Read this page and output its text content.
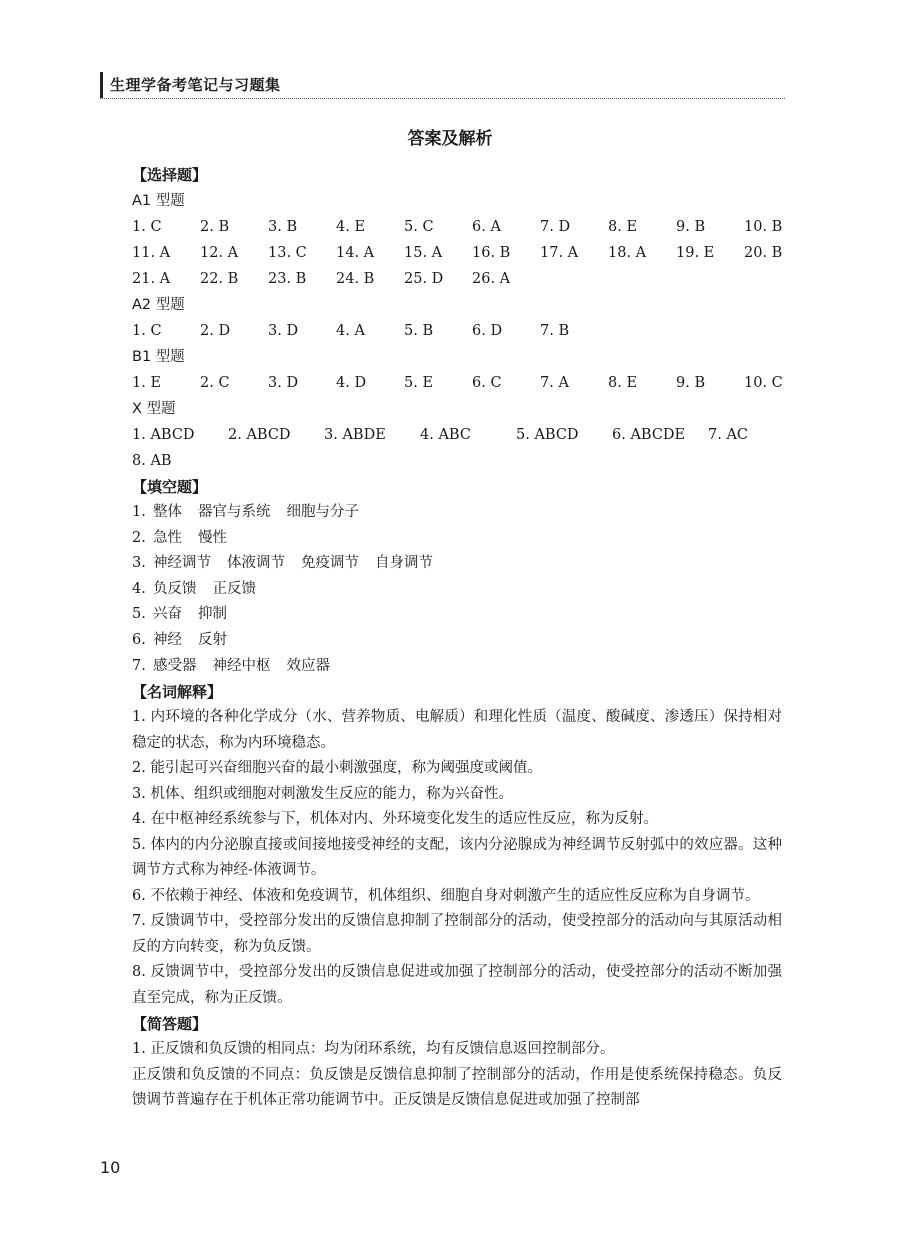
生理学备考笔记与习题集
答案及解析
【选择题】
A1 型题
1. C	2. B	3. B	4. E	5. C	6. A	7. D	8. E	9. B	10. B
11. A 12. A 13. C 14. A 15. A 16. B 17. A 18. A 19. E 20. B
21. A 22. B 23. B 24. B 25. D 26. A
A2 型题
1. C	2. D	3. D	4. A	5. B	6. D	7. B
B1 型题
1. E	2. C	3. D	4. D	5. E	6. C	7. A	8. E	9. B	10. C
X 型题
1. ABCD 2. ABCD 3. ABDE 4. ABC	5. ABCD 6. ABCDE 7. AC
8. AB
【填空题】
1. 整体 器官与系统 细胞与分子
2. 急性 慢性
3. 神经调节 体液调节 免疫调节 自身调节
4. 负反馈 正反馈
5. 兴奋 抑制
6. 神经 反射
7. 感受器 神经中枢 效应器
【名词解释】

1. 内环境的各种化学成分（水、营养物质、电解质）和理化性质（温度、酸碱度、渗透压）保持相对稳定的状态，称为内环境稳态。

2. 能引起可兴奋细胞兴奋的最小刺激强度，称为阈强度或阈值。

3. 机体、组织或细胞对刺激发生反应的能力，称为兴奋性。

4. 在中枢神经系统参与下，机体对内、外环境变化发生的适应性反应，称为反射。

5. 体内的内分泌腺直接或间接地接受神经的支配，该内分泌腺成为神经调节反射弧中的效应器。这种调节方式称为神经-体液调节。

6. 不依赖于神经、体液和免疫调节，机体组织、细胞自身对刺激产生的适应性反应称为自身调节。

7. 反馈调节中，受控部分发出的反馈信息抑制了控制部分的活动，使受控部分的活动向与其原活动相反的方向转变，称为负反馈。

8. 反馈调节中，受控部分发出的反馈信息促进或加强了控制部分的活动，使受控部分的活动不断加强直至完成，称为正反馈。

【简答题】

1. 正反馈和负反馈的相同点：均为闭环系统，均有反馈信息返回控制部分。

正反馈和负反馈的不同点：负反馈是反馈信息抑制了控制部分的活动，作用是使系统保持稳态。负反馈调节普遍存在于机体正常功能调节中。正反馈是反馈信息促进或加强了控制部

10
